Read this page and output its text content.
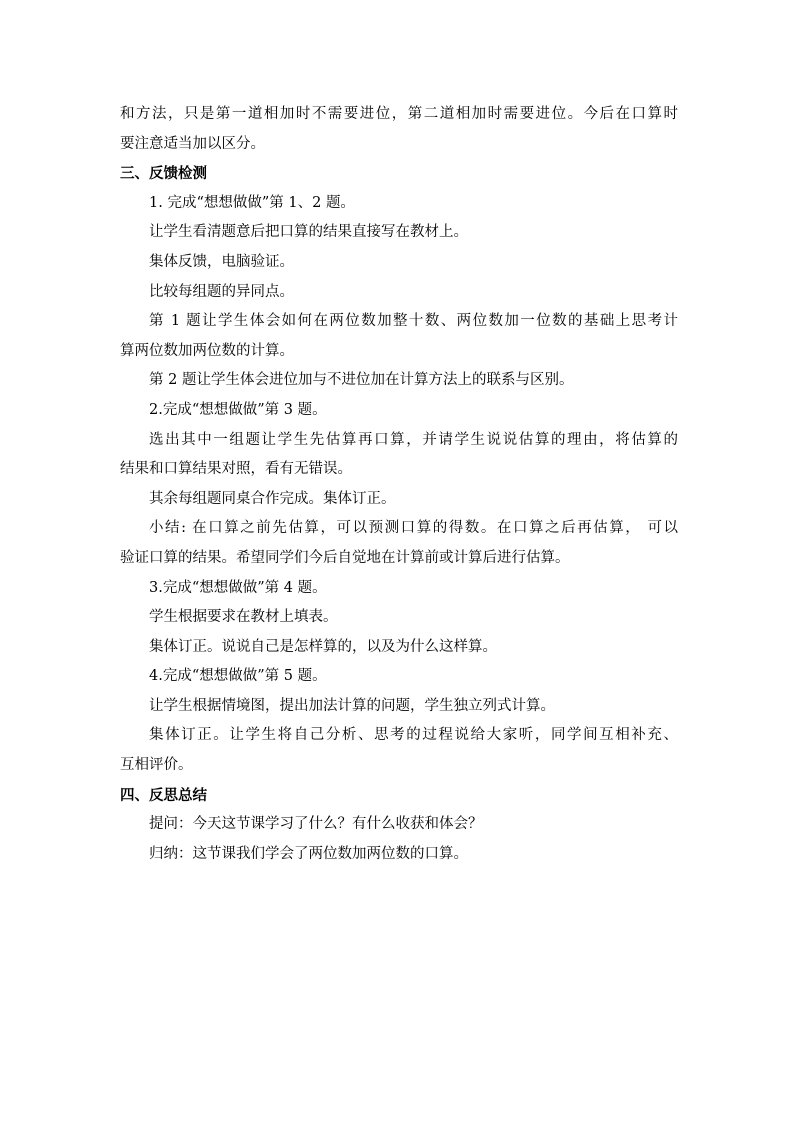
和方法，只是第一道相加时不需要进位，第二道相加时需要进位。今后在口算时
要注意适当加以区分。
三、反馈检测
1. 完成“想想做做”第 1、2 题。
让学生看清题意后把口算的结果直接写在教材上。
集体反馈，电脑验证。
比较每组题的异同点。
第 1 题让学生体会如何在两位数加整十数、两位数加一位数的基础上思考计
算两位数加两位数的计算。
第 2 题让学生体会进位加与不进位加在计算方法上的联系与区别。
2.完成“想想做做”第 3 题。
选出其中一组题让学生先估算再口算，并请学生说说估算的理由，将估算的
结果和口算结果对照，看有无错误。
其余每组题同桌合作完成。集体订正。
小结: 在口算之前先估算，可以预测口算的得数。在口算之后再估算， 可以
验证口算的结果。希望同学们今后自觉地在计算前或计算后进行估算。
3.完成“想想做做”第 4 题。
学生根据要求在教材上填表。
集体订正。说说自己是怎样算的，以及为什么这样算。
4.完成“想想做做”第 5 题。
让学生根据情境图，提出加法计算的问题，学生独立列式计算。
集体订正。让学生将自己分析、思考的过程说给大家听，同学间互相补充、
互相评价。
四、反思总结
提问：今天这节课学习了什么？有什么收获和体会？
归纳：这节课我们学会了两位数加两位数的口算。
